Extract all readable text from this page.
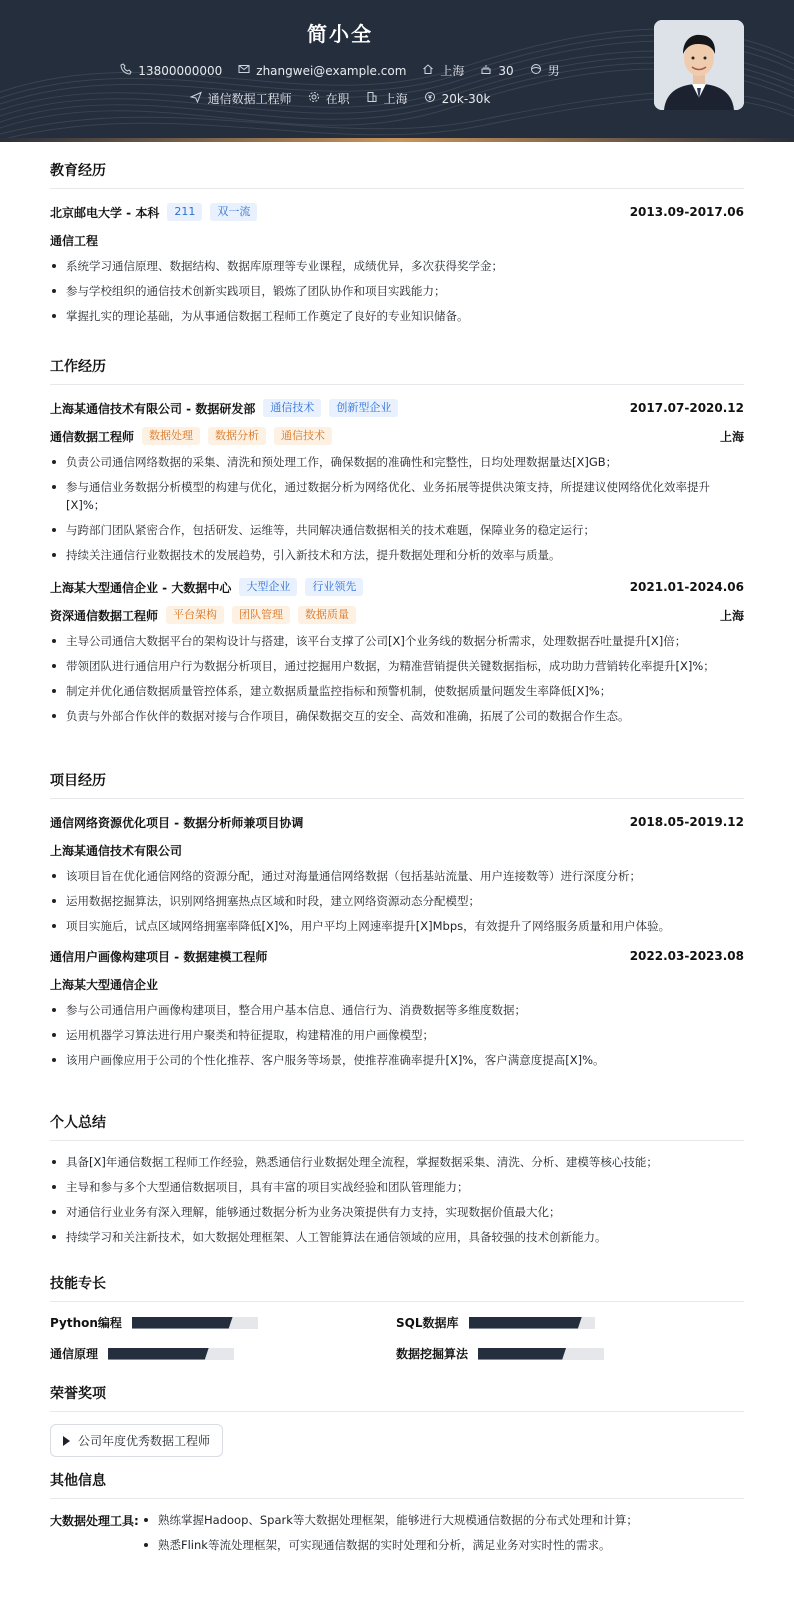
简小全
13800000000	zhangwei@example.com	上海	30	男
通信数据工程师	在职	上海	20k-30k
教育经历
北京邮电大学 - 本科	211	双一流	2013.09-2017.06
通信工程
系统学习通信原理、数据结构、数据库原理等专业课程，成绩优异，多次获得奖学金；
参与学校组织的通信技术创新实践项目，锻炼了团队协作和项目实践能力；
掌握扎实的理论基础，为从事通信数据工程师工作奠定了良好的专业知识储备。
工作经历
上海某通信技术有限公司 - 数据研发部	通信技术	创新型企业	2017.07-2020.12
通信数据工程师	数据处理	数据分析	通信技术	上海
负责公司通信网络数据的采集、清洗和预处理工作，确保数据的准确性和完整性，日均处理数据量达[X]GB；
参与通信业务数据分析模型的构建与优化，通过数据分析为网络优化、业务拓展等提供决策支持，所提建议使网络优化效率提升[X]%；
与跨部门团队紧密合作，包括研发、运维等，共同解决通信数据相关的技术难题，保障业务的稳定运行；
持续关注通信行业数据技术的发展趋势，引入新技术和方法，提升数据处理和分析的效率与质量。
上海某大型通信企业 - 大数据中心	大型企业	行业领先	2021.01-2024.06
资深通信数据工程师	平台架构	团队管理	数据质量	上海
主导公司通信大数据平台的架构设计与搭建，该平台支撑了公司[X]个业务线的数据分析需求，处理数据吞吐量提升[X]倍；
带领团队进行通信用户行为数据分析项目，通过挖掘用户数据，为精准营销提供关键数据指标，成功助力营销转化率提升[X]%；
制定并优化通信数据质量管控体系，建立数据质量监控指标和预警机制，使数据质量问题发生率降低[X]%；
负责与外部合作伙伴的数据对接与合作项目，确保数据交互的安全、高效和准确，拓展了公司的数据合作生态。
项目经历
通信网络资源优化项目 - 数据分析师兼项目协调	2018.05-2019.12
上海某通信技术有限公司
该项目旨在优化通信网络的资源分配，通过对海量通信网络数据（包括基站流量、用户连接数等）进行深度分析；
运用数据挖掘算法，识别网络拥塞热点区域和时段，建立网络资源动态分配模型；
项目实施后，试点区域网络拥塞率降低[X]%，用户平均上网速率提升[X]Mbps，有效提升了网络服务质量和用户体验。
通信用户画像构建项目 - 数据建模工程师	2022.03-2023.08
上海某大型通信企业
参与公司通信用户画像构建项目，整合用户基本信息、通信行为、消费数据等多维度数据；
运用机器学习算法进行用户聚类和特征提取，构建精准的用户画像模型；
该用户画像应用于公司的个性化推荐、客户服务等场景，使推荐准确率提升[X]%，客户满意度提高[X]%。
个人总结
具备[X]年通信数据工程师工作经验，熟悉通信行业数据处理全流程，掌握数据采集、清洗、分析、建模等核心技能；
主导和参与多个大型通信数据项目，具有丰富的项目实战经验和团队管理能力；
对通信行业业务有深入理解，能够通过数据分析为业务决策提供有力支持，实现数据价值最大化；
持续学习和关注新技术，如大数据处理框架、人工智能算法在通信领域的应用，具备较强的技术创新能力。
技能专长
Python编程	SQL数据库
通信原理	数据挖掘算法
荣誉奖项
公司年度优秀数据工程师
其他信息
大数据处理工具:	熟练掌握Hadoop、Spark等大数据处理框架，能够进行大规模通信数据的分布式处理和计算；
熟悉Flink等流处理框架，可实现通信数据的实时处理和分析，满足业务对实时性的需求。
